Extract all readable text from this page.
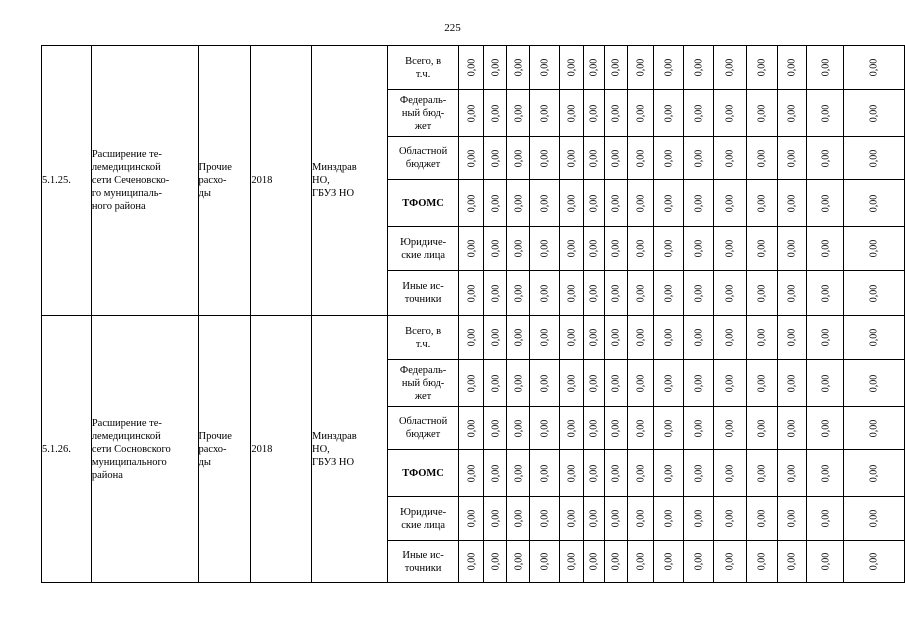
225
5.1.25.	Расширение те-
лемедицинской
сети Сеченовско-
го муниципаль-
ного района	Прочие
расхо-
ды	2018	Минздрав
НО,
ГБУЗ НО	Всего, в
т.ч.	0,00	0,00	0,00	0,00	0,00	0,00	0,00	0,00	0,00	0,00	0,00	0,00	0,00	0,00	0,00
					Федераль-
ный бюд-
жет	0,00	0,00	0,00	0,00	0,00	0,00	0,00	0,00	0,00	0,00	0,00	0,00	0,00	0,00	0,00
					Областной
бюджет	0,00	0,00	0,00	0,00	0,00	0,00	0,00	0,00	0,00	0,00	0,00	0,00	0,00	0,00	0,00
					ТФОМС	0,00	0,00	0,00	0,00	0,00	0,00	0,00	0,00	0,00	0,00	0,00	0,00	0,00	0,00	0,00
					Юридиче-
ские лица	0,00	0,00	0,00	0,00	0,00	0,00	0,00	0,00	0,00	0,00	0,00	0,00	0,00	0,00	0,00
					Иные ис-
точники	0,00	0,00	0,00	0,00	0,00	0,00	0,00	0,00	0,00	0,00	0,00	0,00	0,00	0,00	0,00
5.1.26.	Расширение те-
лемедицинской
сети Сосновского
муниципального
района	Прочие
расхо-
ды	2018	Минздрав
НО,
ГБУЗ НО	Всего, в
т.ч.	0,00	0,00	0,00	0,00	0,00	0,00	0,00	0,00	0,00	0,00	0,00	0,00	0,00	0,00	0,00
					Федераль-
ный бюд-
жет	0,00	0,00	0,00	0,00	0,00	0,00	0,00	0,00	0,00	0,00	0,00	0,00	0,00	0,00	0,00
					Областной
бюджет	0,00	0,00	0,00	0,00	0,00	0,00	0,00	0,00	0,00	0,00	0,00	0,00	0,00	0,00	0,00
					ТФОМС	0,00	0,00	0,00	0,00	0,00	0,00	0,00	0,00	0,00	0,00	0,00	0,00	0,00	0,00	0,00
					Юридиче-
ские лица	0,00	0,00	0,00	0,00	0,00	0,00	0,00	0,00	0,00	0,00	0,00	0,00	0,00	0,00	0,00
					Иные ис-
точники	0,00	0,00	0,00	0,00	0,00	0,00	0,00	0,00	0,00	0,00	0,00	0,00	0,00	0,00	0,00
